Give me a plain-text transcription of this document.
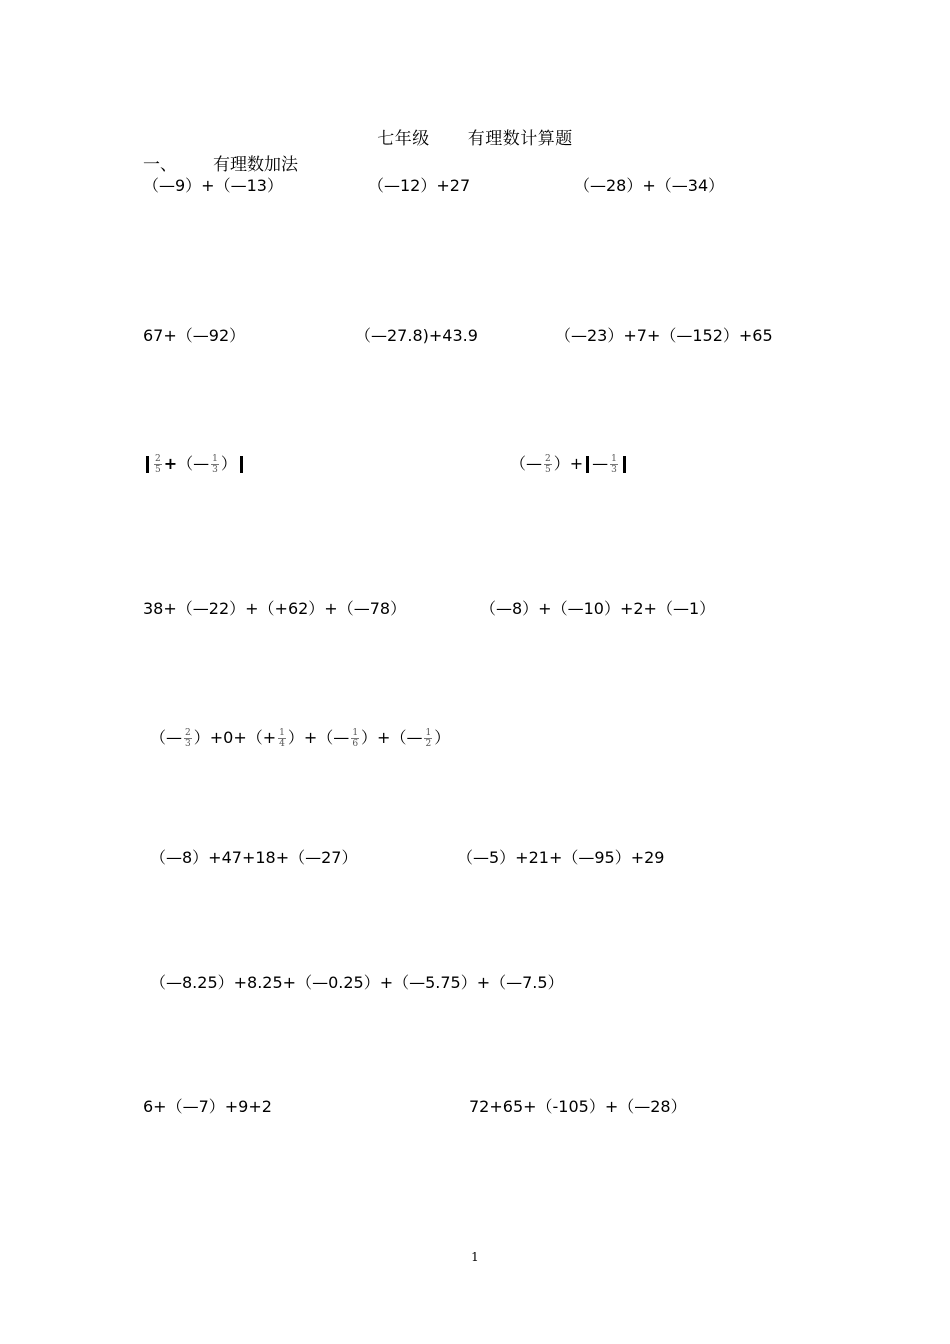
七年级 有理数计算题
一、 有理数加法
（—9）+（—13）	（—12）+27	（—28）+（—34）
67+（—92）	（—27.8)+43.9	（—23）+7+（—152）+65
$\frac{2}{5}$ +（— $\frac{1}{3}$ ）	（— $\frac{2}{5}$ ）+ — $\frac{1}{3}$
38+（—22）+（+62）+（—78）	（—8）+（—10）+2+（—1）
（— $\frac{2}{3} )+0+(+ \frac{1}{4}$ ）+（— $\frac{1}{6}$ ）+（— $\frac{1}{2}$ ）
（—8）+47+18+（—27）	（—5）+21+（—95）+29
（—8.25）+8.25+（—0.25）+（—5.75）+（—7.5）
6+（—7）+9+2	72+65+（-105）+（—28）
1
